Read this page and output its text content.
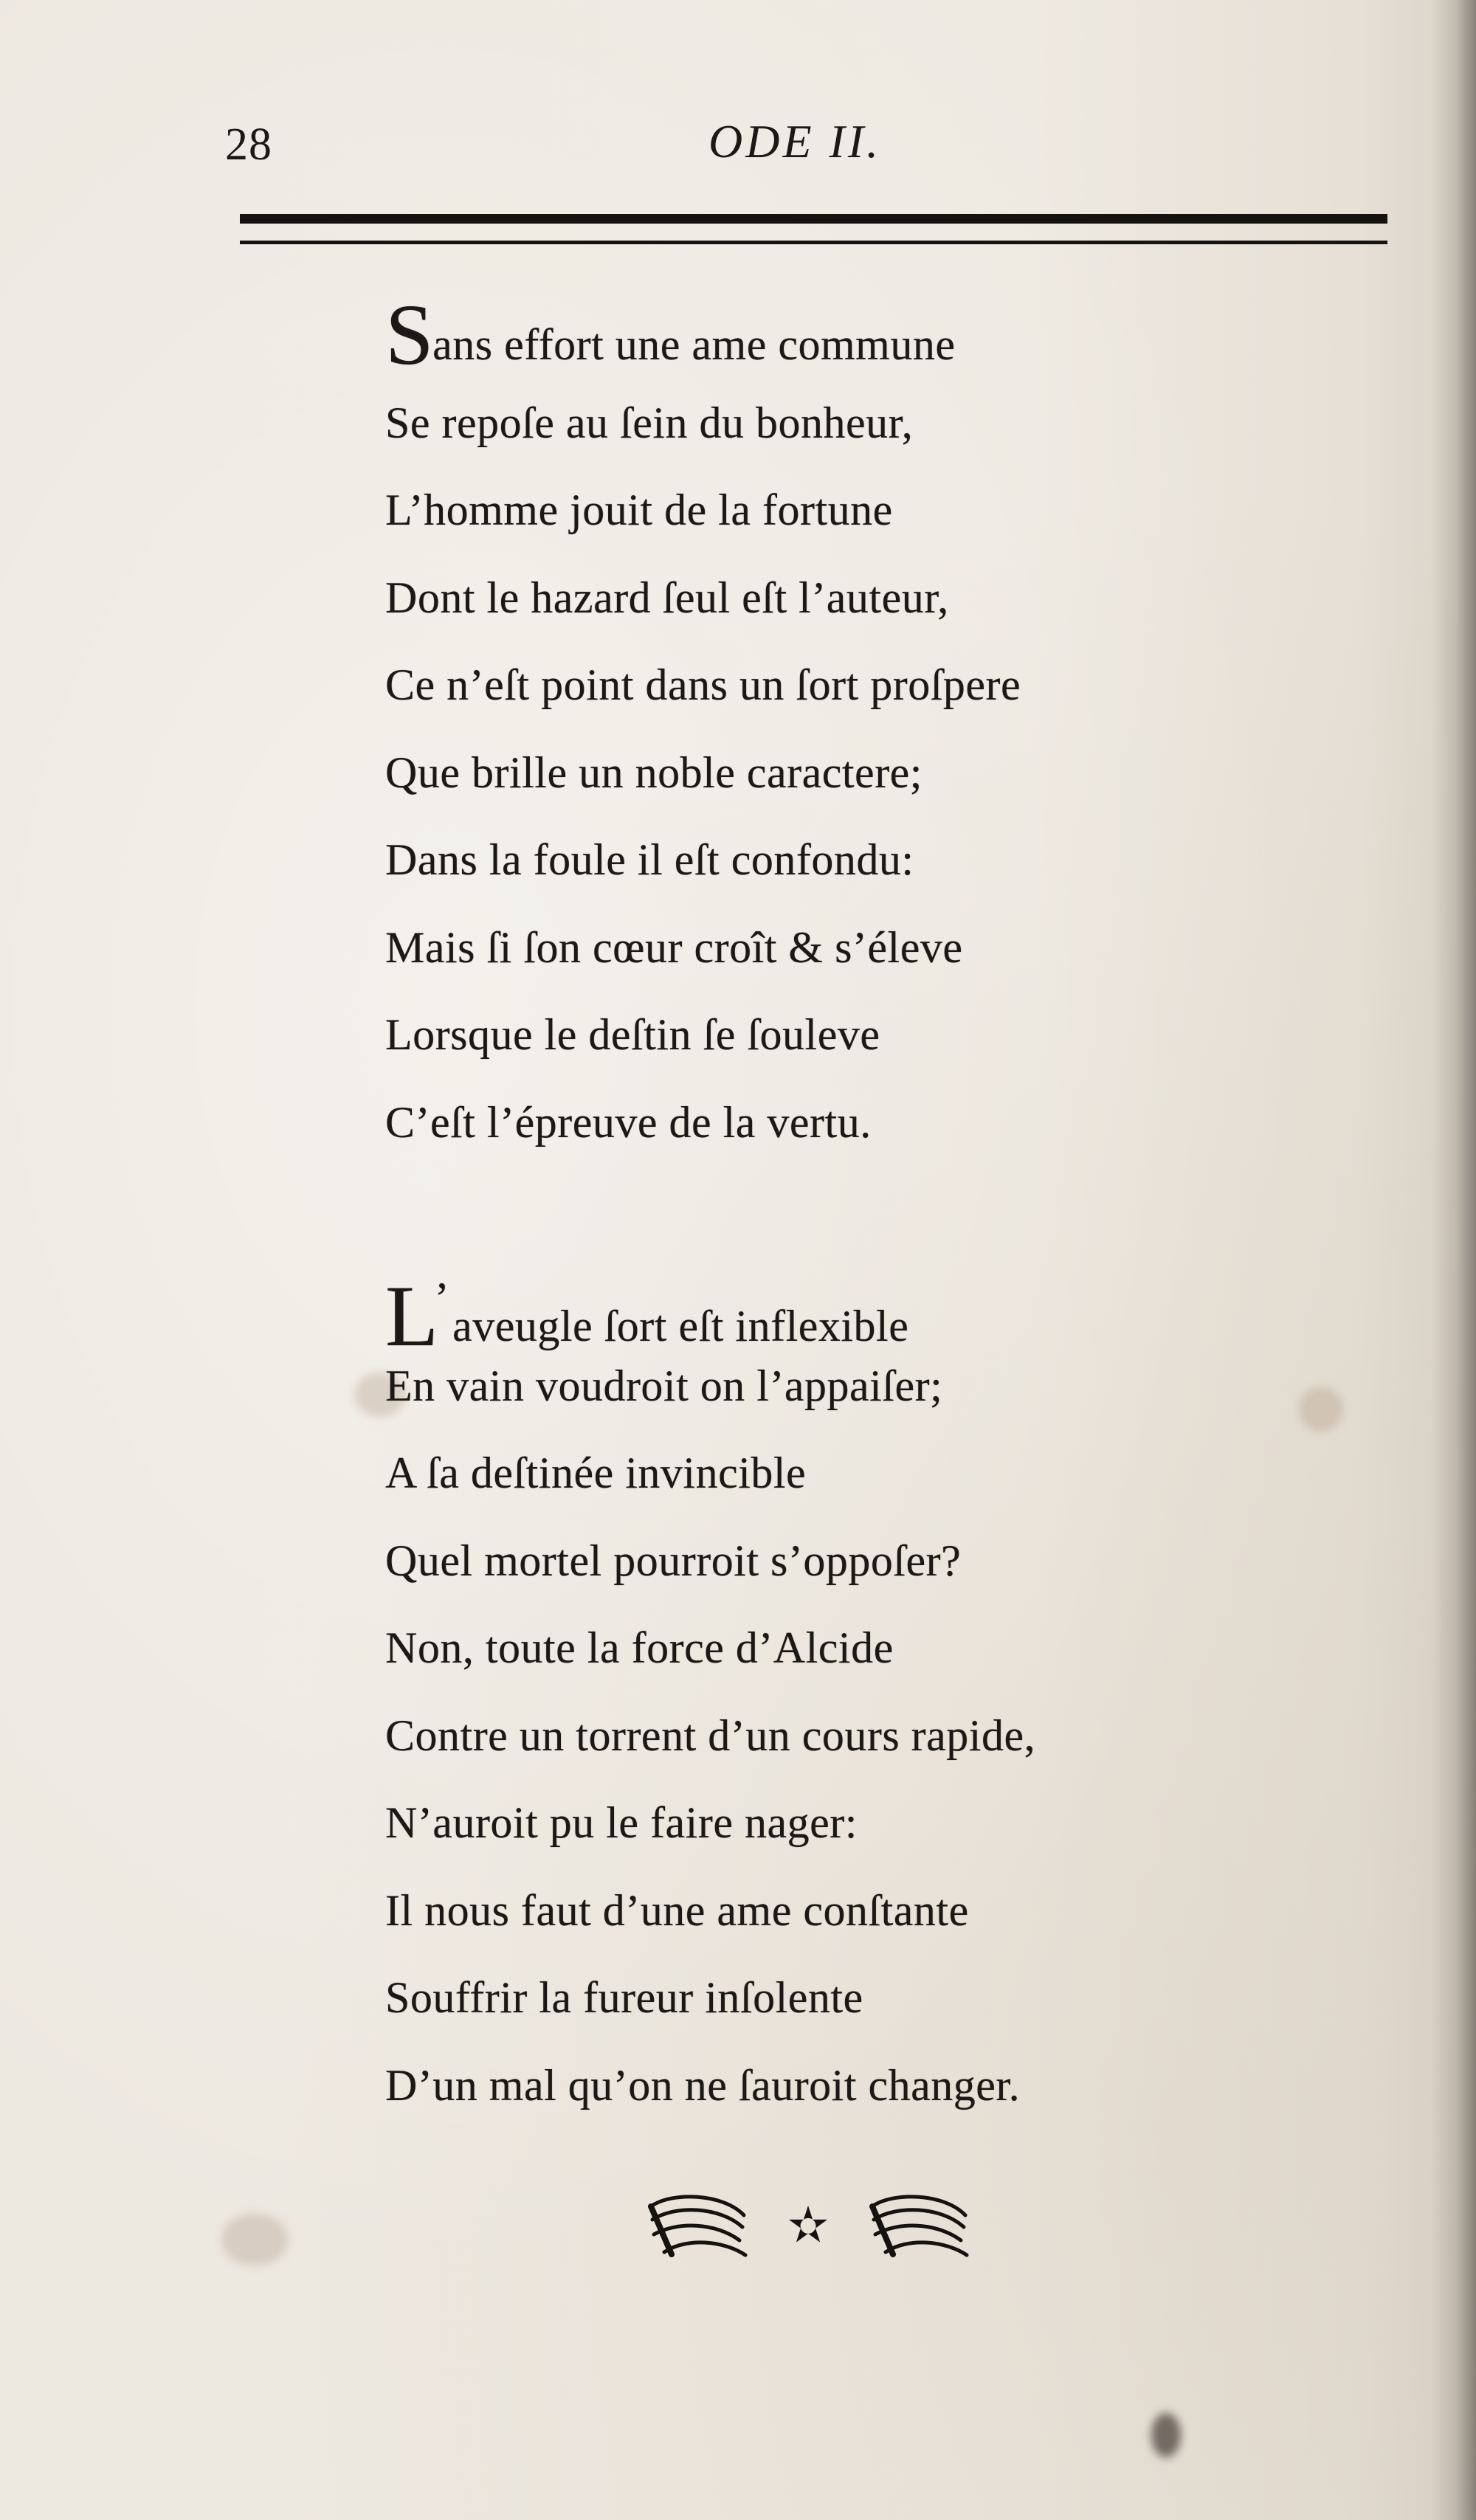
28	ODE II.
Sans effort une ame commune
Se repoſe au ſein du bonheur,
L’homme jouit de la fortune
Dont le hazard ſeul eſt l’auteur,
Ce n’eſt point dans un ſort proſpere
Que brille un noble caractere;
Dans la foule il eſt confondu:
Mais ſi ſon cœur croît & s’éleve
Lorsque le deſtin ſe ſouleve
C’eſt l’épreuve de la vertu.
L’aveugle ſort eſt inflexible
En vain voudroit on l’appaiſer;
A ſa deſtinée invincible
Quel mortel pourroit s’oppoſer?
Non, toute la force d’Alcide
Contre un torrent d’un cours rapide,
N’auroit pu le faire nager:
Il nous faut d’une ame conſtante
Souffrir la fureur inſolente
D’un mal qu’on ne ſauroit changer.
✫
